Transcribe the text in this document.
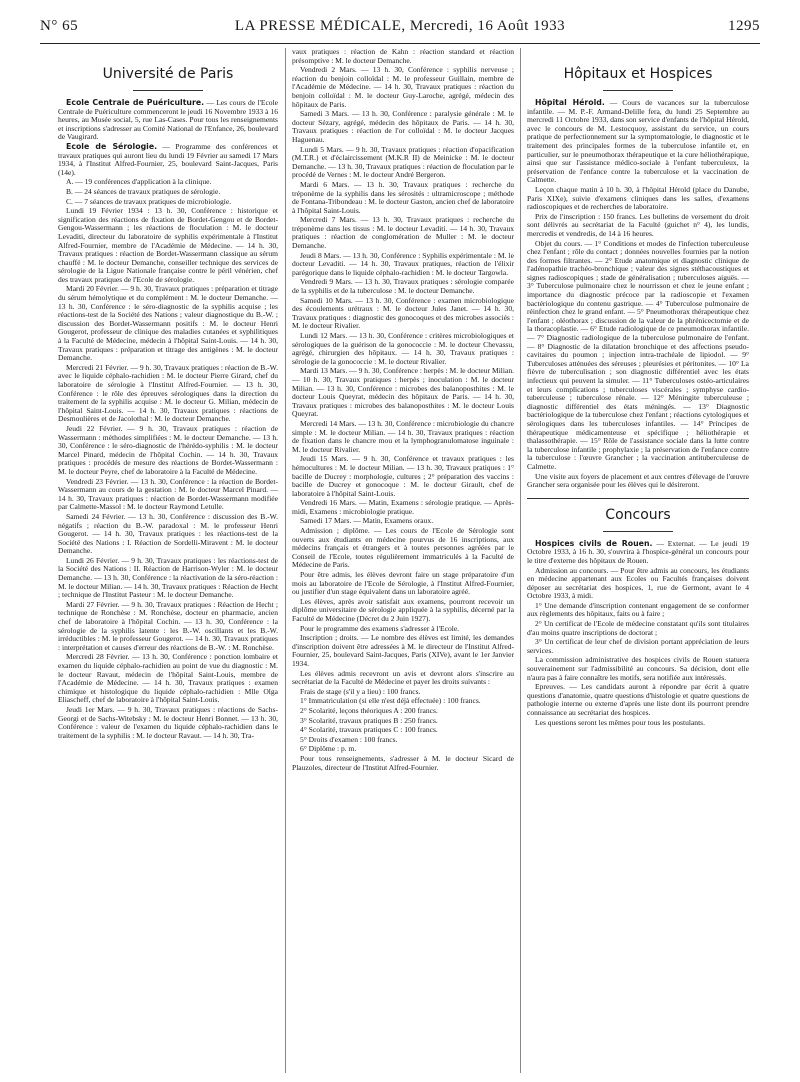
N° 65	LA PRESSE MÉDICALE, Mercredi, 16 Août 1933	1295
Université de Paris

Ecole Centrale de Puériculture. — Les cours de l'Ecole Centrale de Puériculture commenceront le jeudi 16 Novembre 1933 à 16 heures, au Musée social, 5, rue Las-Cases. Pour tous les renseignements et inscriptions s'adresser au Comité National de l'Enfance, 26, boulevard de Vaugirard.

Ecole de Sérologie. — Programme des conférences et travaux pratiques qui auront lieu du lundi 19 Février au samedi 17 Mars 1934, à l'Institut Alfred-Fournier, 25, boulevard Saint-Jacques, Paris (14e).

A. — 19 conférences d'application à la clinique.

B. — 24 séances de travaux pratiques de sérologie.

C. — 7 séances de travaux pratiques de microbiologie.

Lundi 19 Février 1934 : 13 h. 30, Conférence : historique et signification des réactions de fixation de Bordet-Gengou et de Bordet-Gengou-Wassermann ; les réactions de floculation : M. le docteur Levaditi, directeur du laboratoire de syphilis expérimentale à l'Institut Alfred-Fournier, membre de l'Académie de Médecine. — 14 h. 30, Travaux pratiques : réaction de Bordet-Wassermann classique au sérum chauffé : M. le docteur Demanche, conseiller technique des services de sérologie de la Ligue Nationale française contre le péril vénérien, chef des travaux pratiques de l'Ecole de sérologie.

Mardi 20 Février. — 9 h. 30, Travaux pratiques : préparation et titrage du sérum hémolytique et du complément : M. le docteur Demanche. — 13 h. 30, Conférence : le séro-diagnostic de la syphilis acquise ; les réactions-test de la Société des Nations ; valeur diagnostique du B.-W. ; discussion des Bordet-Wassermann positifs : M. le docteur Henri Gougerot, professeur de clinique des maladies cutanées et syphilitiques à la Faculté de Médecine, médecin à l'hôpital Saint-Louis. — 14 h. 30, Travaux pratiques : préparation et titrage des antigènes : M. le docteur Demanche.

Mercredi 21 Février. — 9 h. 30, Travaux pratiques : réaction de B.-W. avec le liquide céphalo-rachidien : M. le docteur Pierre Girard, chef du laboratoire de sérologie à l'Institut Alfred-Fournier. — 13 h. 30, Conférence : le rôle des épreuves sérologiques dans la direction du traitement de la syphilis acquise : M. le docteur G. Milian, médecin de l'hôpital Saint-Louis. — 14 h. 30, Travaux pratiques : réactions de Desmoulières et de Jacolothal : M. le docteur Demanche.

Jeudi 22 Février. — 9 h. 30, Travaux pratiques : réaction de Wassermann : méthodes simplifiées : M. le docteur Demanche. — 13 h. 30, Conférence : le séro-diagnostic de l'hérédo-syphilis : M. le docteur Marcel Pinard, médecin de l'hôpital Cochin. — 14 h. 30, Travaux pratiques : procédés de mesure des réactions de Bordet-Wassermann : M. le docteur Peyre, chef de laboratoire à la Faculté de Médecine.

Vendredi 23 Février. — 13 h. 30, Conférence : la réaction de Bordet-Wassermann au cours de la gestation : M. le docteur Marcel Pinard. — 14 h. 30, Travaux pratiques : réaction de Bordet-Wassermann modifiée par Calmette-Massol : M. le docteur Raymond Letulle.

Samedi 24 Février. — 13 h. 30, Conférence : discussion des B.-W. négatifs ; réaction du B.-W. paradoxal : M. le professeur Henri Gougerot. — 14 h. 30, Travaux pratiques : les réactions-test de la Société des Nations : I. Réaction de Sordelli-Miravent : M. le docteur Demanche.

Lundi 26 Février. — 9 h. 30, Travaux pratiques : les réactions-test de la Société des Nations : II. Réaction de Harrison-Wyler : M. le docteur Demanche. — 13 h. 30, Conférence : la réactivation de la séro-réaction : M. le docteur Milian. — 14 h. 30, Travaux pratiques : Réaction de Hecht ; technique de l'Institut Pasteur : M. le docteur Demanche.

Mardi 27 Février. — 9 h. 30, Travaux pratiques : Réaction de Hecht ; technique de Ronchèse : M. Ronchèse, docteur en pharmacie, ancien chef de laboratoire à l'hôpital Cochin. — 13 h. 30, Conférence : la sérologie de la syphilis latente : les B.-W. oscillants et les B.-W. irréductibles : M. le professeur Gougerot. — 14 h. 30, Travaux pratiques : interprétation et causes d'erreur des réactions de B.-W. : M. Ronchèse.

Mercredi 28 Février. — 13 h. 30, Conférence : ponction lombaire et examen du liquide céphalo-rachidien au point de vue du diagnostic : M. le docteur Ravaut, médecin de l'hôpital Saint-Louis, membre de l'Académie de Médecine. — 14 h. 30, Travaux pratiques : examen chimique et histologique du liquide céphalo-rachidien : Mlle Olga Eliascheff, chef de laboratoire à l'hôpital Saint-Louis.

Jeudi 1er Mars. — 9 h. 30, Travaux pratiques : réactions de Sachs-Georgi et de Sachs-Witebsky : M. le docteur Henri Bonnet. — 13 h. 30, Conférence : valeur de l'examen du liquide céphalo-rachidien dans le traitement de la syphilis : M. le docteur Ravaut. — 14 h. 30, Tra-

vaux pratiques : réaction de Kahn : réaction standard et réaction présomptive : M. le docteur Demanche.

Vendredi 2 Mars. — 13 h. 30, Conférence : syphilis nerveuse ; réaction du benjoin colloïdal : M. le professeur Guillain, membre de l'Académie de Médecine. — 14 h. 30, Travaux pratiques : réaction du benjoin colloïdal : M. le docteur Guy-Laroche, agrégé, médecin des hôpitaux de Paris.

Samedi 3 Mars. — 13 h. 30, Conférence : paralysie générale : M. le docteur Sézary, agrégé, médecin des hôpitaux de Paris. — 14 h. 30, Travaux pratiques : réaction de l'or colloïdal : M. le docteur Jacques Haguenau.

Lundi 5 Mars. — 9 h. 30, Travaux pratiques : réaction d'opacification (M.T.R.) et d'éclaircissement (M.K.R II) de Meinicke : M. le docteur Demanche. — 13 h. 30, Travaux pratiques : réaction de floculation par le procédé de Vernes : M. le docteur André Bergeron.

Mardi 6 Mars. — 13 h. 30, Travaux pratiques : recherche du tréponème de la syphilis dans les sérosités : ultramicroscope ; méthode de Fontana-Tribondeau : M. le docteur Gaston, ancien chef de laboratoire à l'hôpital Saint-Louis.

Mercredi 7 Mars. — 13 h. 30, Travaux pratiques : recherche du tréponème dans les tissus : M. le docteur Levaditi. — 14 h. 30, Travaux pratiques : réaction de conglomération de Muller : M. le docteur Demanche.

Jeudi 8 Mars. — 13 h. 30, Conférence : Syphilis expérimentale : M. le docteur Levaditi. — 14 h. 30, Travaux pratiques, réaction de l'élixir parégorique dans le liquide céphalo-rachidien : M. le docteur Targowla.

Vendredi 9 Mars. — 13 h. 30, Travaux pratiques : sérologie comparée de la syphilis et de la tuberculose : M. le docteur Demanche.

Samedi 10 Mars. — 13 h. 30, Conférence : examen microbiologique des écoulements urétraux : M. le docteur Jules Janet. — 14 h. 30, Travaux pratiques : diagnostic des gonocoques et des microbes associés : M. le docteur Rivalier.

Lundi 12 Mars. — 13 h. 30, Conférence : critères microbiologiques et sérologiques de la guérison de la gonococcie : M. le docteur Chevassu, agrégé, chirurgien des hôpitaux. — 14 h. 30, Travaux pratiques : sérologie de la gonococcie : M. le docteur Rivalier.

Mardi 13 Mars. — 9 h. 30, Conférence : herpès : M. le docteur Milian. — 10 h. 30, Travaux pratiques : herpès ; inoculation : M. le docteur Milian. — 13 h. 30, Conférence : microbes des balanoposthites : M. le docteur Louis Queyrat, médecin des hôpitaux de Paris. — 14 h. 30, Travaux pratiques : microbes des balanoposthites : M. le docteur Louis Queyrat.

Mercredi 14 Mars. — 13 h. 30, Conférence : microbiologie du chancre simple : M. le docteur Milian. — 14 h. 30, Travaux pratiques : réaction de fixation dans le chancre mou et la lymphogranulomatose inguinale : M. le docteur Rivalier.

Jeudi 15 Mars. — 9 h. 30, Conférence et travaux pratiques : les hémocultures : M. le docteur Milian. — 13 h. 30, Travaux pratiques : 1° bacille de Ducrey : morphologie, cultures ; 2° préparation des vaccins : bacille de Ducrey et gonocoque : M. le docteur Girault, chef de laboratoire à l'hôpital Saint-Louis.

Vendredi 16 Mars. — Matin, Examens : sérologie pratique. — Après-midi, Examens : microbiologie pratique.

Samedi 17 Mars. — Matin, Examens oraux.

Admission ; diplôme. — Les cours de l'Ecole de Sérologie sont ouverts aux étudiants en médecine pourvus de 16 inscriptions, aux médecins français et étrangers et à toutes personnes agréées par le Conseil de l'Ecole, toutes régulièrement immatriculés à la Faculté de Médecine de Paris.

Pour être admis, les élèves devront faire un stage préparatoire d'un mois au laboratoire de l'Ecole de Sérologie, à l'Institut Alfred-Fournier, ou justifier d'un stage équivalent dans un laboratoire agréé.

Les élèves, après avoir satisfait aux examens, pourront recevoir un diplôme universitaire de sérologie appliquée à la syphilis, décerné par la Faculté de Médecine (Décret du 2 Juin 1927).

Pour le programme des examens s'adresser à l'Ecole.

Inscription ; droits. — Le nombre des élèves est limité, les demandes d'inscription doivent être adressées à M. le directeur de l'Institut Alfred-Fournier, 25, boulevard Saint-Jacques, Paris (XIVe), avant le 1er Janvier 1934.

Les élèves admis recevront un avis et devront alors s'inscrire au secrétariat de la Faculté de Médecine et payer les droits suivants :

Frais de stage (s'il y a lieu) : 100 francs.

1° Immatriculation (si elle n'est déjà effectuée) : 100 francs.

2° Scolarité, leçons théoriques A : 200 francs.

3° Scolarité, travaux pratiques B : 250 francs.

4° Scolarité, travaux pratiques C : 100 francs.

5° Droits d'examen : 100 francs.

6° Diplôme : p. m.

Pour tous renseignements, s'adresser à M. le docteur Sicard de Plauzoles, directeur de l'Institut Alfred-Fournier.

Hôpitaux et Hospices

Hôpital Hérold. — Cours de vacances sur la tuberculose infantile. — M. P.-F. Armand-Delille fera, du lundi 25 Septembre au mercredi 11 Octobre 1933, dans son service d'enfants de l'hôpital Hérold, avec le concours de M. Lestocquoy, assistant du service, un cours pratique de perfectionnement sur la symptomatologie, le diagnostic et le traitement des principales formes de la tuberculose infantile et, en particulier, sur le pneumothorax thérapeutique et la cure héliothérapique, ainsi que sur l'assistance médico-sociale à l'enfant tuberculeux, la préservation de l'enfance contre la tuberculose et la vaccination de Calmette.

Leçon chaque matin à 10 h. 30, à l'hôpital Hérold (place du Danube, Paris XIXe), suivie d'examens cliniques dans les salles, d'examens radioscopiques et de recherches de laboratoire.

Prix de l'inscription : 150 francs. Les bulletins de versement du droit sont délivrés au secrétariat de la Faculté (guichet n° 4), les lundis, mercredis et vendredis, de 14 à 16 heures.

Objet du cours. — 1° Conditions et modes de l'infection tuberculeuse chez l'enfant ; rôle du contact ; données nouvelles fournies par la notion des formes filtrantes. — 2° Etude anatomique et diagnostic clinique de l'adénopathie trachéo-bronchique ; valeur des signes stéthacoustiques et signes radioscopiques ; stade de généralisation ; tuberculoses aiguës. — 3° Tuberculose pulmonaire chez le nourrisson et chez le jeune enfant ; importance du diagnostic précoce par la radioscopie et l'examen bactériologique du contenu gastrique. — 4° Tuberculose pulmonaire de réinfection chez le grand enfant. — 5° Pneumothorax thérapeutique chez l'enfant ; oléothorax ; discussion de la valeur de la phrénicectomie et de la thoracoplastie. — 6° Etude radiologique de ce pneumothorax infantile. — 7° Diagnostic radiologique de la tuberculose pulmonaire de l'enfant. — 8° Diagnostic de la dilatation bronchique et des affections pseudo-cavitaires du poumon ; injection intra-trachéale de lipiodol. — 9° Tuberculoses atténuées des séreuses ; pleurésies et péritonites. — 10° La fièvre de tuberculisation ; son diagnostic différentiel avec les états infectieux qui peuvent la simuler. — 11° Tuberculoses ostéo-articulaires et leurs complications ; tuberculoses viscérales ; symphyse cardio-tuberculeuse ; tuberculose rénale. — 12° Méningite tuberculeuse ; diagnostic différentiel des états méningés. — 13° Diagnostic bactériologique de la tuberculose chez l'enfant ; réactions cytologiques et sérologiques dans les tuberculoses infantiles. — 14° Principes de thérapeutique médicamenteuse et spécifique ; héliothérapie et thalassothérapie. — 15° Rôle de l'assistance sociale dans la lutte contre la tuberculose infantile ; prophylaxie ; la préservation de l'enfance contre la tuberculose : l'œuvre Grancher ; la vaccination antituberculeuse de Calmette.

Une visite aux foyers de placement et aux centres d'élevage de l'œuvre Grancher sera organisée pour les élèves qui le désireront.

Concours

Hospices civils de Rouen. — Externat. — Le jeudi 19 Octobre 1933, à 16 h. 30, s'ouvrira à l'hospice-général un concours pour le titre d'externe des hôpitaux de Rouen.

Admission au concours. — Pour être admis au concours, les étudiants en médecine appartenant aux Ecoles ou Facultés françaises doivent déposer au secrétariat des hospices, 1, rue de Germont, avant le 4 Octobre 1933, à midi.

1° Une demande d'inscription contenant engagement de se conformer aux règlements des hôpitaux, faits ou à faire ;

2° Un certificat de l'Ecole de médecine constatant qu'ils sont titulaires d'au moins quatre inscriptions de doctorat ;

3° Un certificat de leur chef de division portant appréciation de leurs services.

La commission administrative des hospices civils de Rouen statuera souverainement sur l'admissibilité au concours. Sa décision, dont elle n'aura pas à faire connaître les motifs, sera notifiée aux intéressés.

Epreuves. — Les candidats auront à répondre par écrit à quatre questions d'anatomie, quatre questions d'histologie et quatre questions de pathologie interne ou externe d'après une liste dont ils pourront prendre connaissance au secrétariat des hospices.

Les questions seront les mêmes pour tous les postulants.
